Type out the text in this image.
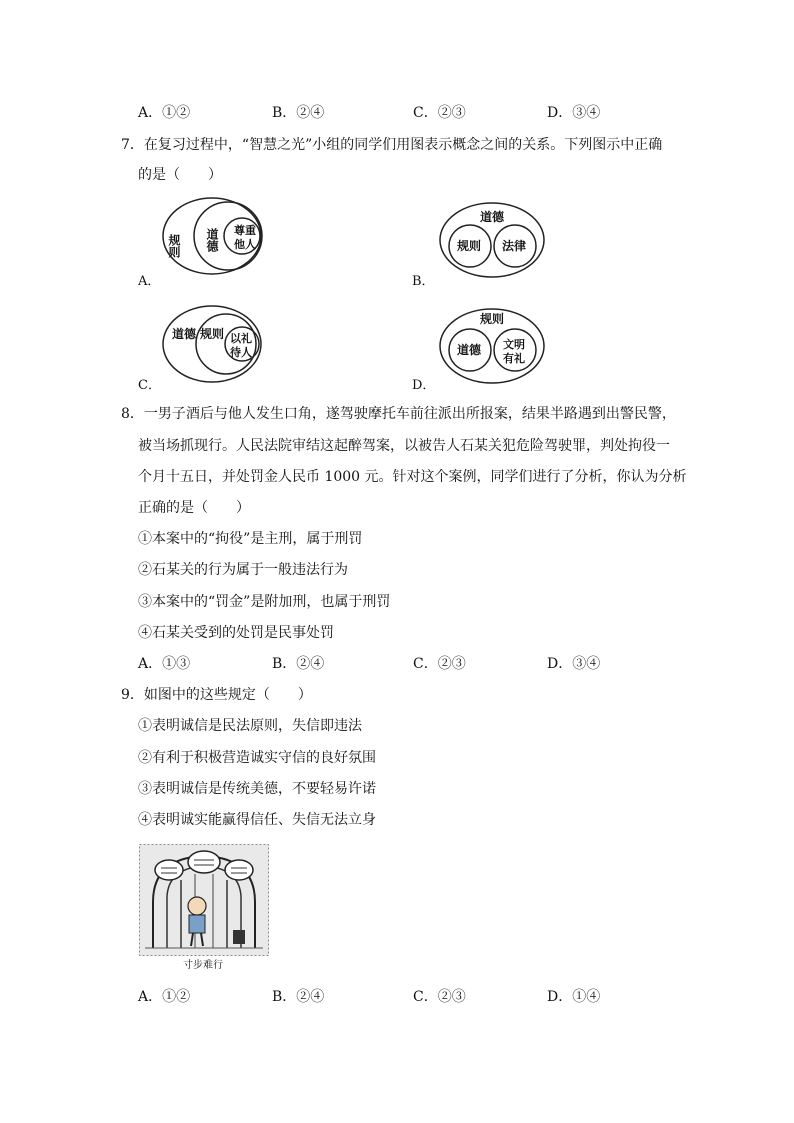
A．①②	B．②④	C．②③	D．③④
7．在复习过程中，“智慧之光”小组的同学们用图表示概念之间的关系。下列图示中正确
的是（　　）
规则 道德 尊重
他人
A．
道德
规则 法律
B．
道德 规则 以礼
待人
C．
规则
道德 文明
有礼
D．
8．一男子酒后与他人发生口角，遂驾驶摩托车前往派出所报案，结果半路遇到出警民警，
被当场抓现行。人民法院审结这起醉驾案，以被告人石某关犯危险驾驶罪，判处拘役一
个月十五日，并处罚金人民币 1000 元。针对这个案例，同学们进行了分析，你认为分析
正确的是（　　）
①本案中的“拘役”是主刑，属于刑罚
②石某关的行为属于一般违法行为
③本案中的“罚金”是附加刑，也属于刑罚
④石某关受到的处罚是民事处罚
A．①③	B．②④	C．②③	D．③④
9．如图中的这些规定（　　）
①表明诚信是民法原则，失信即违法
②有利于积极营造诚实守信的良好氛围
③表明诚信是传统美德，不要轻易许诺
④表明诚实能赢得信任、失信无法立身
寸步难行
A．①②	B．②④	C．②③	D．①④
